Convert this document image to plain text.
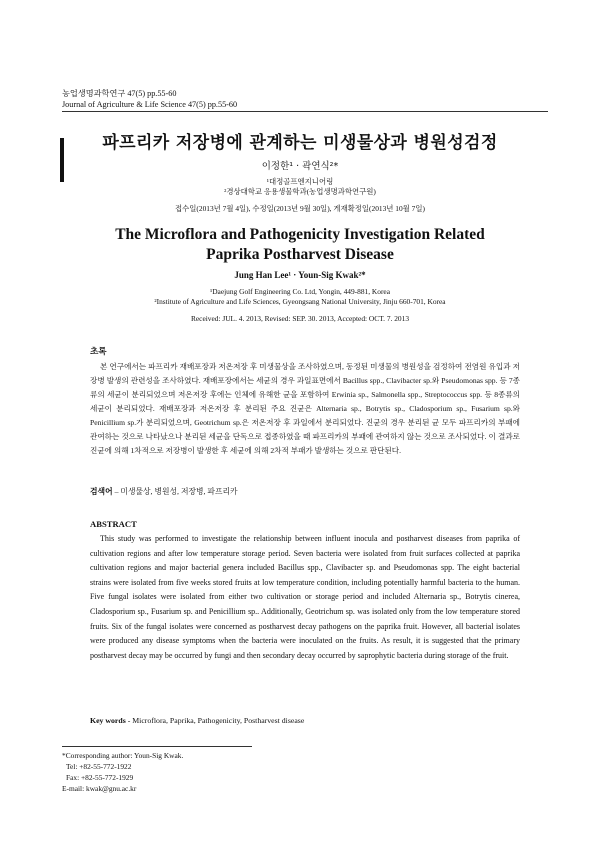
농업생명과학연구 47(5) pp.55-60
Journal of Agriculture & Life Science 47(5) pp.55-60
파프리카 저장병에 관계하는 미생물상과 병원성검정
이정한¹ · 곽연식²*
¹대정골프엔지니어링
²경상대학교 응용생물학과(농업생명과학연구원)
접수일(2013년 7월 4일), 수정일(2013년 9월 30일), 게재확정일(2013년 10월 7일)
The Microflora and Pathogenicity Investigation Related
Paprika Postharvest Disease
Jung Han Lee¹ · Youn-Sig Kwak²*
¹Daejung Golf Engineering Co. Ltd, Yongin, 449-881, Korea
²Institute of Agriculture and Life Sciences, Gyeongsang National University, Jinju 660-701, Korea
Received: JUL. 4. 2013, Revised: SEP. 30. 2013, Accepted: OCT. 7. 2013
초록
본 연구에서는 파프리카 재배포장과 저온저장 후 미생물상을 조사하였으며, 동정된 미생물의 병원성을 검정하여 전염원 유입과 저장병 발생의 관련성을 조사하였다. 재배포장에서는 세균의 경우 과일표면에서 Bacillus spp., Clavibacter sp.와 Pseudomonas spp. 등 7종류의 세균이 분리되었으며 저온저장 후에는 인체에 유해한 균을 포함하여 Erwinia sp., Salmonella spp., Streptococcus spp. 등 8종류의 세균이 분리되었다. 재배포장과 저온저장 후 분리된 주요 진균은 Alternaria sp., Botrytis sp., Cladosporium sp., Fusarium sp.와 Penicillium sp.가 분리되었으며, Geotrichum sp.은 저온저장 후 과일에서 분리되었다. 진균의 경우 분리된 균 모두 파프리카의 부패에 관여하는 것으로 나타났으나 분리된 세균을 단독으로 접종하였을 때 파프리카의 부패에 관여하지 않는 것으로 조사되었다. 이 결과로 진균에 의해 1차적으로 저장병이 발생한 후 세균에 의해 2차적 부패가 발생하는 것으로 판단된다.
검색어 – 미생물상, 병원성, 저장병, 파프리카
ABSTRACT
This study was performed to investigate the relationship between influent inocula and postharvest diseases from paprika of cultivation regions and after low temperature storage period. Seven bacteria were isolated from fruit surfaces collected at paprika cultivation regions and major bacterial genera included Bacillus spp., Clavibacter sp. and Pseudomonas spp. The eight bacterial strains were isolated from five weeks stored fruits at low temperature condition, including potentially harmful bacteria to the human. Five fungal isolates were isolated from either two cultivation or storage period and included Alternaria sp., Botrytis cinerea, Cladosporium sp., Fusarium sp. and Penicillium sp.. Additionally, Geotrichum sp. was isolated only from the low temperature stored fruits. Six of the fungal isolates were concerned as postharvest decay pathogens on the paprika fruit. However, all bacterial isolates were produced any disease symptoms when the bacteria were inoculated on the fruits. As result, it is suggested that the primary postharvest decay may be occurred by fungi and then secondary decay occurred by saprophytic bacteria during storage of the fruit.
Key words - Microflora, Paprika, Pathogenicity, Postharvest disease
*Corresponding author: Youn-Sig Kwak.
Tel: +82-55-772-1922
Fax: +82-55-772-1929
E-mail: kwak@gnu.ac.kr
